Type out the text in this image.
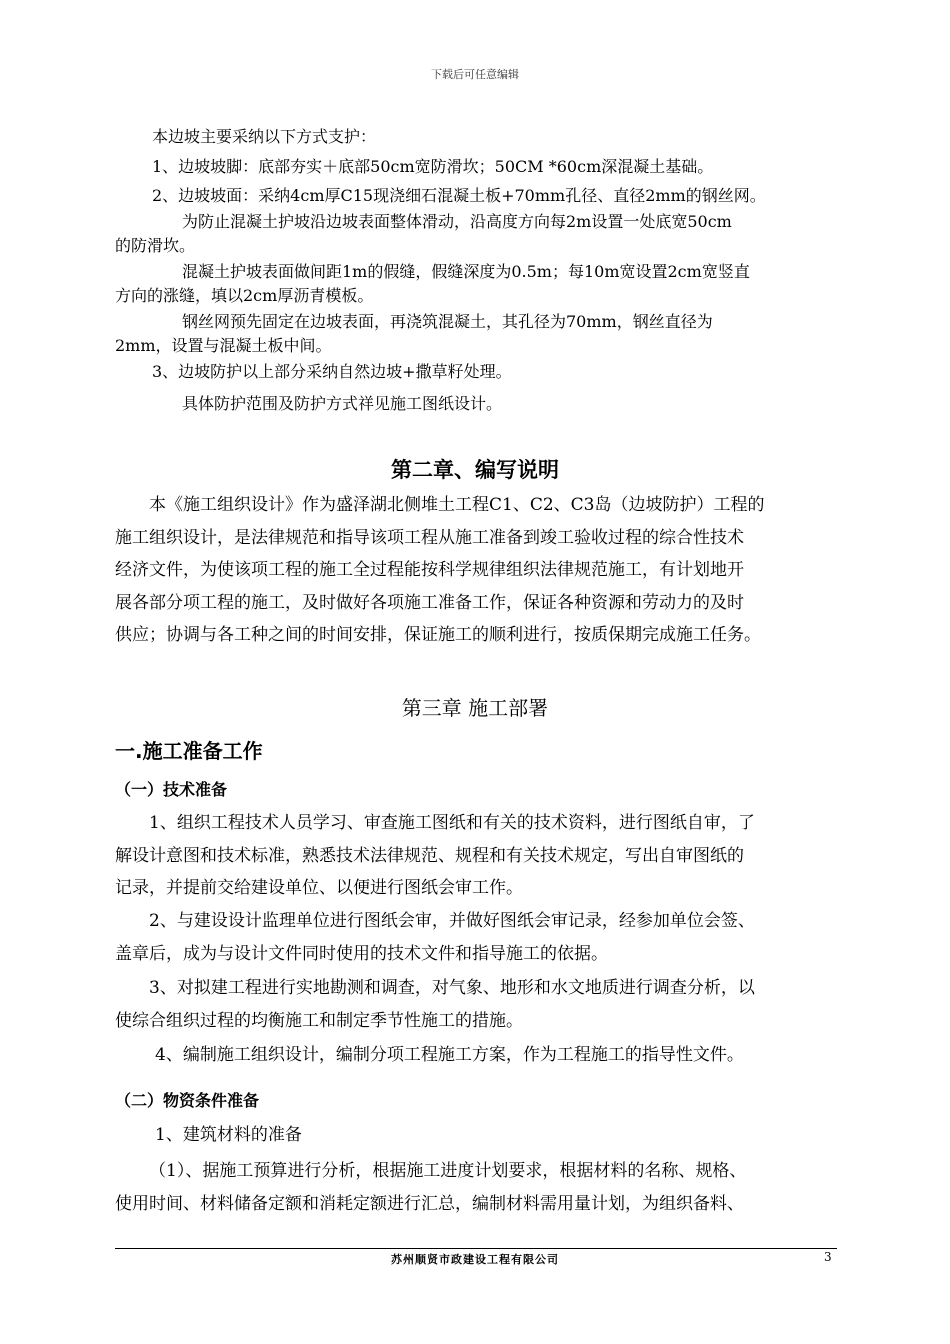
下载后可任意编辑
本边坡主要采纳以下方式支护：
1、边坡坡脚：底部夯实＋底部50cm宽防滑坎；50CM *60cm深混凝土基础。
2、边坡坡面：采纳4cm厚C15现浇细石混凝土板+70mm孔径、直径2mm的钢丝网。
为防止混凝土护坡沿边坡表面整体滑动，沿高度方向每2m设置一处底宽50cm
的防滑坎。
混凝土护坡表面做间距1m的假缝，假缝深度为0.5m；每10m宽设置2cm宽竖直
方向的涨缝，填以2cm厚沥青模板。
钢丝网预先固定在边坡表面，再浇筑混凝土，其孔径为70mm，钢丝直径为
2mm，设置与混凝土板中间。
3、边坡防护以上部分采纳自然边坡+撒草籽处理。
具体防护范围及防护方式祥见施工图纸设计。
第二章、编写说明
本《施工组织设计》作为盛泽湖北侧堆土工程C1、C2、C3岛（边坡防护）工程的
施工组织设计，是法律规范和指导该项工程从施工准备到竣工验收过程的综合性技术
经济文件，为使该项工程的施工全过程能按科学规律组织法律规范施工，有计划地开
展各部分项工程的施工，及时做好各项施工准备工作，保证各种资源和劳动力的及时
供应；协调与各工种之间的时间安排，保证施工的顺利进行，按质保期完成施工任务。
第三章 施工部署
一.施工准备工作
（一）技术准备
1、组织工程技术人员学习、审查施工图纸和有关的技术资料，进行图纸自审，了
解设计意图和技术标准，熟悉技术法律规范、规程和有关技术规定，写出自审图纸的
记录，并提前交给建设单位、以便进行图纸会审工作。
2、与建设设计监理单位进行图纸会审，并做好图纸会审记录，经参加单位会签、
盖章后，成为与设计文件同时使用的技术文件和指导施工的依据。
3、对拟建工程进行实地勘测和调查，对气象、地形和水文地质进行调查分析，以
使综合组织过程的均衡施工和制定季节性施工的措施。
4、编制施工组织设计，编制分项工程施工方案，作为工程施工的指导性文件。
（二）物资条件准备
1、建筑材料的准备
（1）、据施工预算进行分析，根据施工进度计划要求，根据材料的名称、规格、
使用时间、材料储备定额和消耗定额进行汇总，编制材料需用量计划，为组织备料、
苏州顺贤市政建设工程有限公司	3
